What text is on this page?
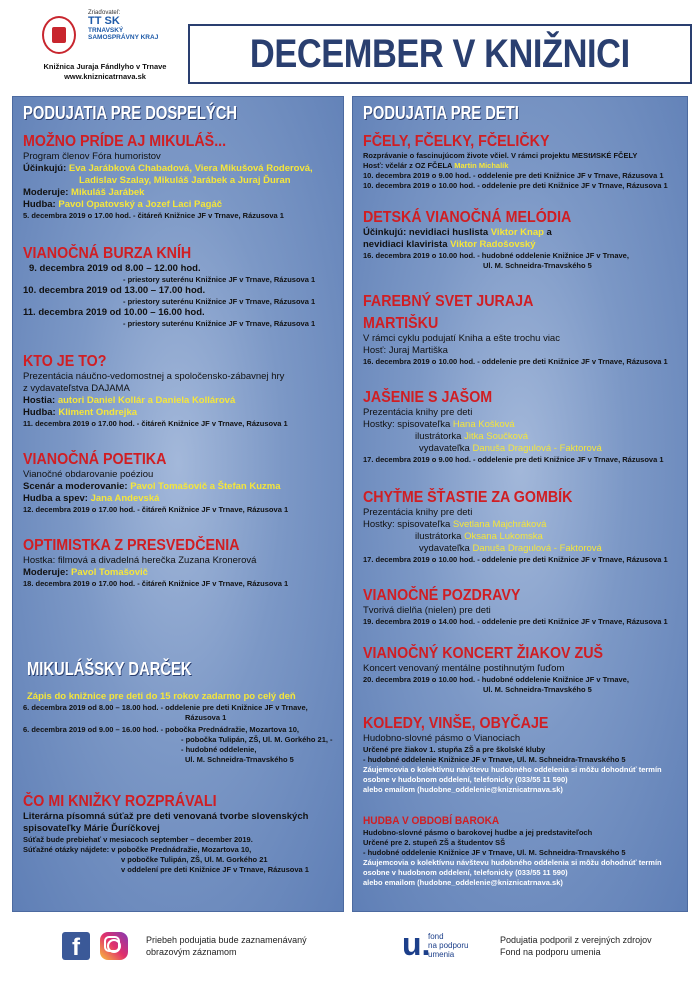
Zriaďovateľ:
TT SK
TRNAVSKÝ SAMOSPRÁVNY KRAJ
Knižnica Juraja Fándlyho v Trnave
www.kniznicatrnava.sk
DECEMBER V KNIŽNICI
PODUJATIA PRE DOSPELÝCH
MOŽNO PRÍDE AJ MIKULÁŠ...
Program členov Fóra humoristov
Účinkujú: Eva Jarábková Chabadová, Viera Mikušová Roderová,
Ladislav Szalay, Mikuláš Jarábek a Juraj Ďuran
Moderuje: Mikuláš Jarábek
Hudba: Pavol Opatovský a Jozef Laci Pagáč
5. decembra 2019 o 17.00 hod. - čitáreň Knižnice JF v Trnave, Rázusova 1
VIANOČNÁ BURZA KNÍH
9. decembra 2019 od 8.00 – 12.00 hod.
- priestory suterénu Knižnice JF v Trnave, Rázusova 1
10. decembra 2019 od 13.00 – 17.00 hod.
- priestory suterénu Knižnice JF v Trnave, Rázusova 1
11. decembra 2019 od 10.00 – 16.00 hod.
- priestory suterénu Knižnice JF v Trnave, Rázusova 1
KTO JE TO?
Prezentácia náučno-vedomostnej a spoločensko-zábavnej hry
z vydavateľstva DAJAMA
Hostia: autori Daniel Kollár a Daniela Kollárová
Hudba: Kliment Ondrejka
11. decembra 2019 o 17.00 hod. - čitáreň Knižnice JF v Trnave, Rázusova 1
VIANOČNÁ POETIKA
Vianočné obdarovanie poéziou
Scenár a moderovanie: Pavol Tomašovič a Štefan Kuzma
Hudba a spev: Jana Andevská
12. decembra 2019 o 17.00 hod. - čitáreň Knižnice JF v Trnave, Rázusova 1
OPTIMISTKA Z PRESVEDČENIA
Hostka: filmová a divadelná herečka Zuzana Kronerová
Moderuje: Pavol Tomašovič
18. decembra 2019 o 17.00 hod. - čitáreň Knižnice JF v Trnave, Rázusova 1
MIKULÁŠSKY DARČEK
Zápis do knižnice pre deti do 15 rokov zadarmo po celý deň
6. decembra 2019 od 8.00 – 18.00 hod. - oddelenie pre deti Knižnice JF v Trnave,
Rázusova 1
6. decembra 2019 od 9.00 – 16.00 hod. - pobočka Prednádražie, Mozartova 10,
- pobočka Tulipán, ZŠ, Ul. M. Gorkého 21, -
- hudobné oddelenie,
Ul. M. Schneidra-Trnavského 5
ČO MI KNIŽKY ROZPRÁVALI
Literárna písomná súťaž pre deti venovaná tvorbe slovenských
spisovateľky Márie Ďuríčkovej
Súťaž bude prebiehať v mesiacoch september – december 2019.
Súťažné otázky nájdete: v pobočke Prednádražie, Mozartova 10,
v pobočke Tulipán, ZŠ, Ul. M. Gorkého 21
v oddelení pre deti Knižnice JF v Trnave, Rázusova 1
PODUJATIA PRE DETI
FČELY, FČELKY, FČELIČKY
Rozprávanie o fascinujúcom živote včiel. V rámci projektu MEStИSKÉ FČELY
Hosť: včelár z OZ FČELA Martin Michalík
10. decembra 2019 o 9.00 hod. - oddelenie pre deti Knižnice JF v Trnave, Rázusova 1
10. decembra 2019 o 10.00 hod. - oddelenie pre deti Knižnice JF v Trnave, Rázusova 1
DETSKÁ VIANOČNÁ MELÓDIA
Účinkujú: nevidiaci huslista Viktor Knap a
nevidiaci klavirista Viktor Radošovský
16. decembra 2019 o 10.00 hod. - hudobné oddelenie Knižnice JF v Trnave,
Ul. M. Schneidra-Trnavského 5
FAREBNÝ SVET JURAJA
MARTIŠKU
V rámci cyklu podujatí Kniha a ešte trochu viac
Hosť: Juraj Martiška
16. decembra 2019 o 10.00 hod. - oddelenie pre deti Knižnice JF v Trnave, Rázusova 1
JAŠENIE S JAŠOM
Prezentácia knihy pre deti
Hostky: spisovateľka Hana Košková
ilustrátorka Jitka Součková
vydavateľka Danuša Dragulová - Faktorová
17. decembra 2019 o 9.00 hod. - oddelenie pre deti Knižnice JF v Trnave, Rázusova 1
CHYŤME ŠŤASTIE ZA GOMBÍK
Prezentácia knihy pre deti
Hostky: spisovateľka Svetlana Majchráková
ilustrátorka Oksana Lukomska
vydavateľka Danuša Dragulová - Faktorová
17. decembra 2019 o 10.00 hod. - oddelenie pre deti Knižnice JF v Trnave, Rázusova 1
VIANOČNÉ POZDRAVY
Tvorivá dielňa (nielen) pre deti
19. decembra 2019 o 14.00 hod. - oddelenie pre deti Knižnice JF v Trnave, Rázusova 1
VIANOČNÝ KONCERT ŽIAKOV ZUŠ
Koncert venovaný mentálne postihnutým ľuďom
20. decembra 2019 o 10.00 hod. - hudobné oddelenie Knižnice JF v Trnave,
Ul. M. Schneidra-Trnavského 5
KOLEDY, VINŠE, OBYČAJE
Hudobno-slovné pásmo o Vianociach
Určené pre žiakov 1. stupňa ZŠ a pre školské kluby
- hudobné oddelenie Knižnice JF v Trnave, Ul. M. Schneidra-Trnavského 5
Záujemcovia o kolektívnu návštevu hudobného oddelenia si môžu dohodnúť termín
osobne v hudobnom oddelení, telefonicky (033/55 11 590)
alebo emailom (hudobne_oddelenie@kniznicatrnava.sk)
HUDBA V OBDOBÍ BAROKA
Hudobno-slovné pásmo o barokovej hudbe a jej predstaviteľoch
Určené pre 2. stupeň ZŠ a študentov SŠ
- hudobné oddelenie Knižnice JF v Trnave, Ul. M. Schneidra-Trnavského 5
Záujemcovia o kolektívnu návštevu hudobného oddelenia si môžu dohodnúť termín
osobne v hudobnom oddelení, telefonicky (033/55 11 590)
alebo emailom (hudobne_oddelenie@kniznicatrnava.sk)
f	Priebeh podujatia bude zaznamenávaný
obrazovým záznamom	u.
fond
na podporu
umenia
Podujatia podporil z verejných zdrojov
Fond na podporu umenia
